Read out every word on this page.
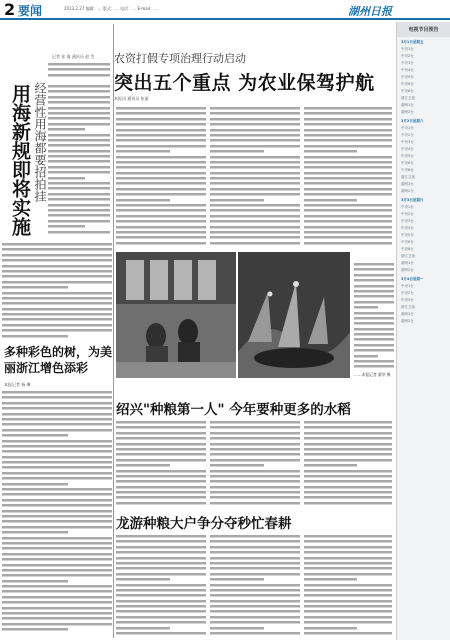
2 要闻	2013.2.27 编辑：… 版式：… 电话：… E-mail：…	湖州日报
记者 张 倩 通讯员 赵 笠
用海新规即将实施 经营性用海都要招拍挂
多种彩色的树，为美丽浙江增色添彩
本报记者 杨 琳
农资打假专项治理行动启动
突出五个重点 为农业保驾护航
本报讯 通讯员 张丽
……本报记者 董华 摄
绍兴"种粮第一人" 今年要种更多的水稻
龙游种粮大户争分夺秒忙春耕
电视节目预告
3月1日星期五
中央1台
中央2台
中央3台
中央4台
中央5台
中央6台
中央8台
浙江卫视
湖州1台
湖州2台
3月2日星期六
中央1台
中央2台
中央3台
中央4台
中央5台
中央6台
中央8台
浙江卫视
湖州1台
湖州2台
3月3日星期日
中央1台
中央2台
中央3台
中央4台
中央5台
中央6台
中央8台
浙江卫视
湖州1台
湖州2台
3月4日星期一
中央1台
中央2台
中央3台
浙江卫视
湖州1台
湖州2台
